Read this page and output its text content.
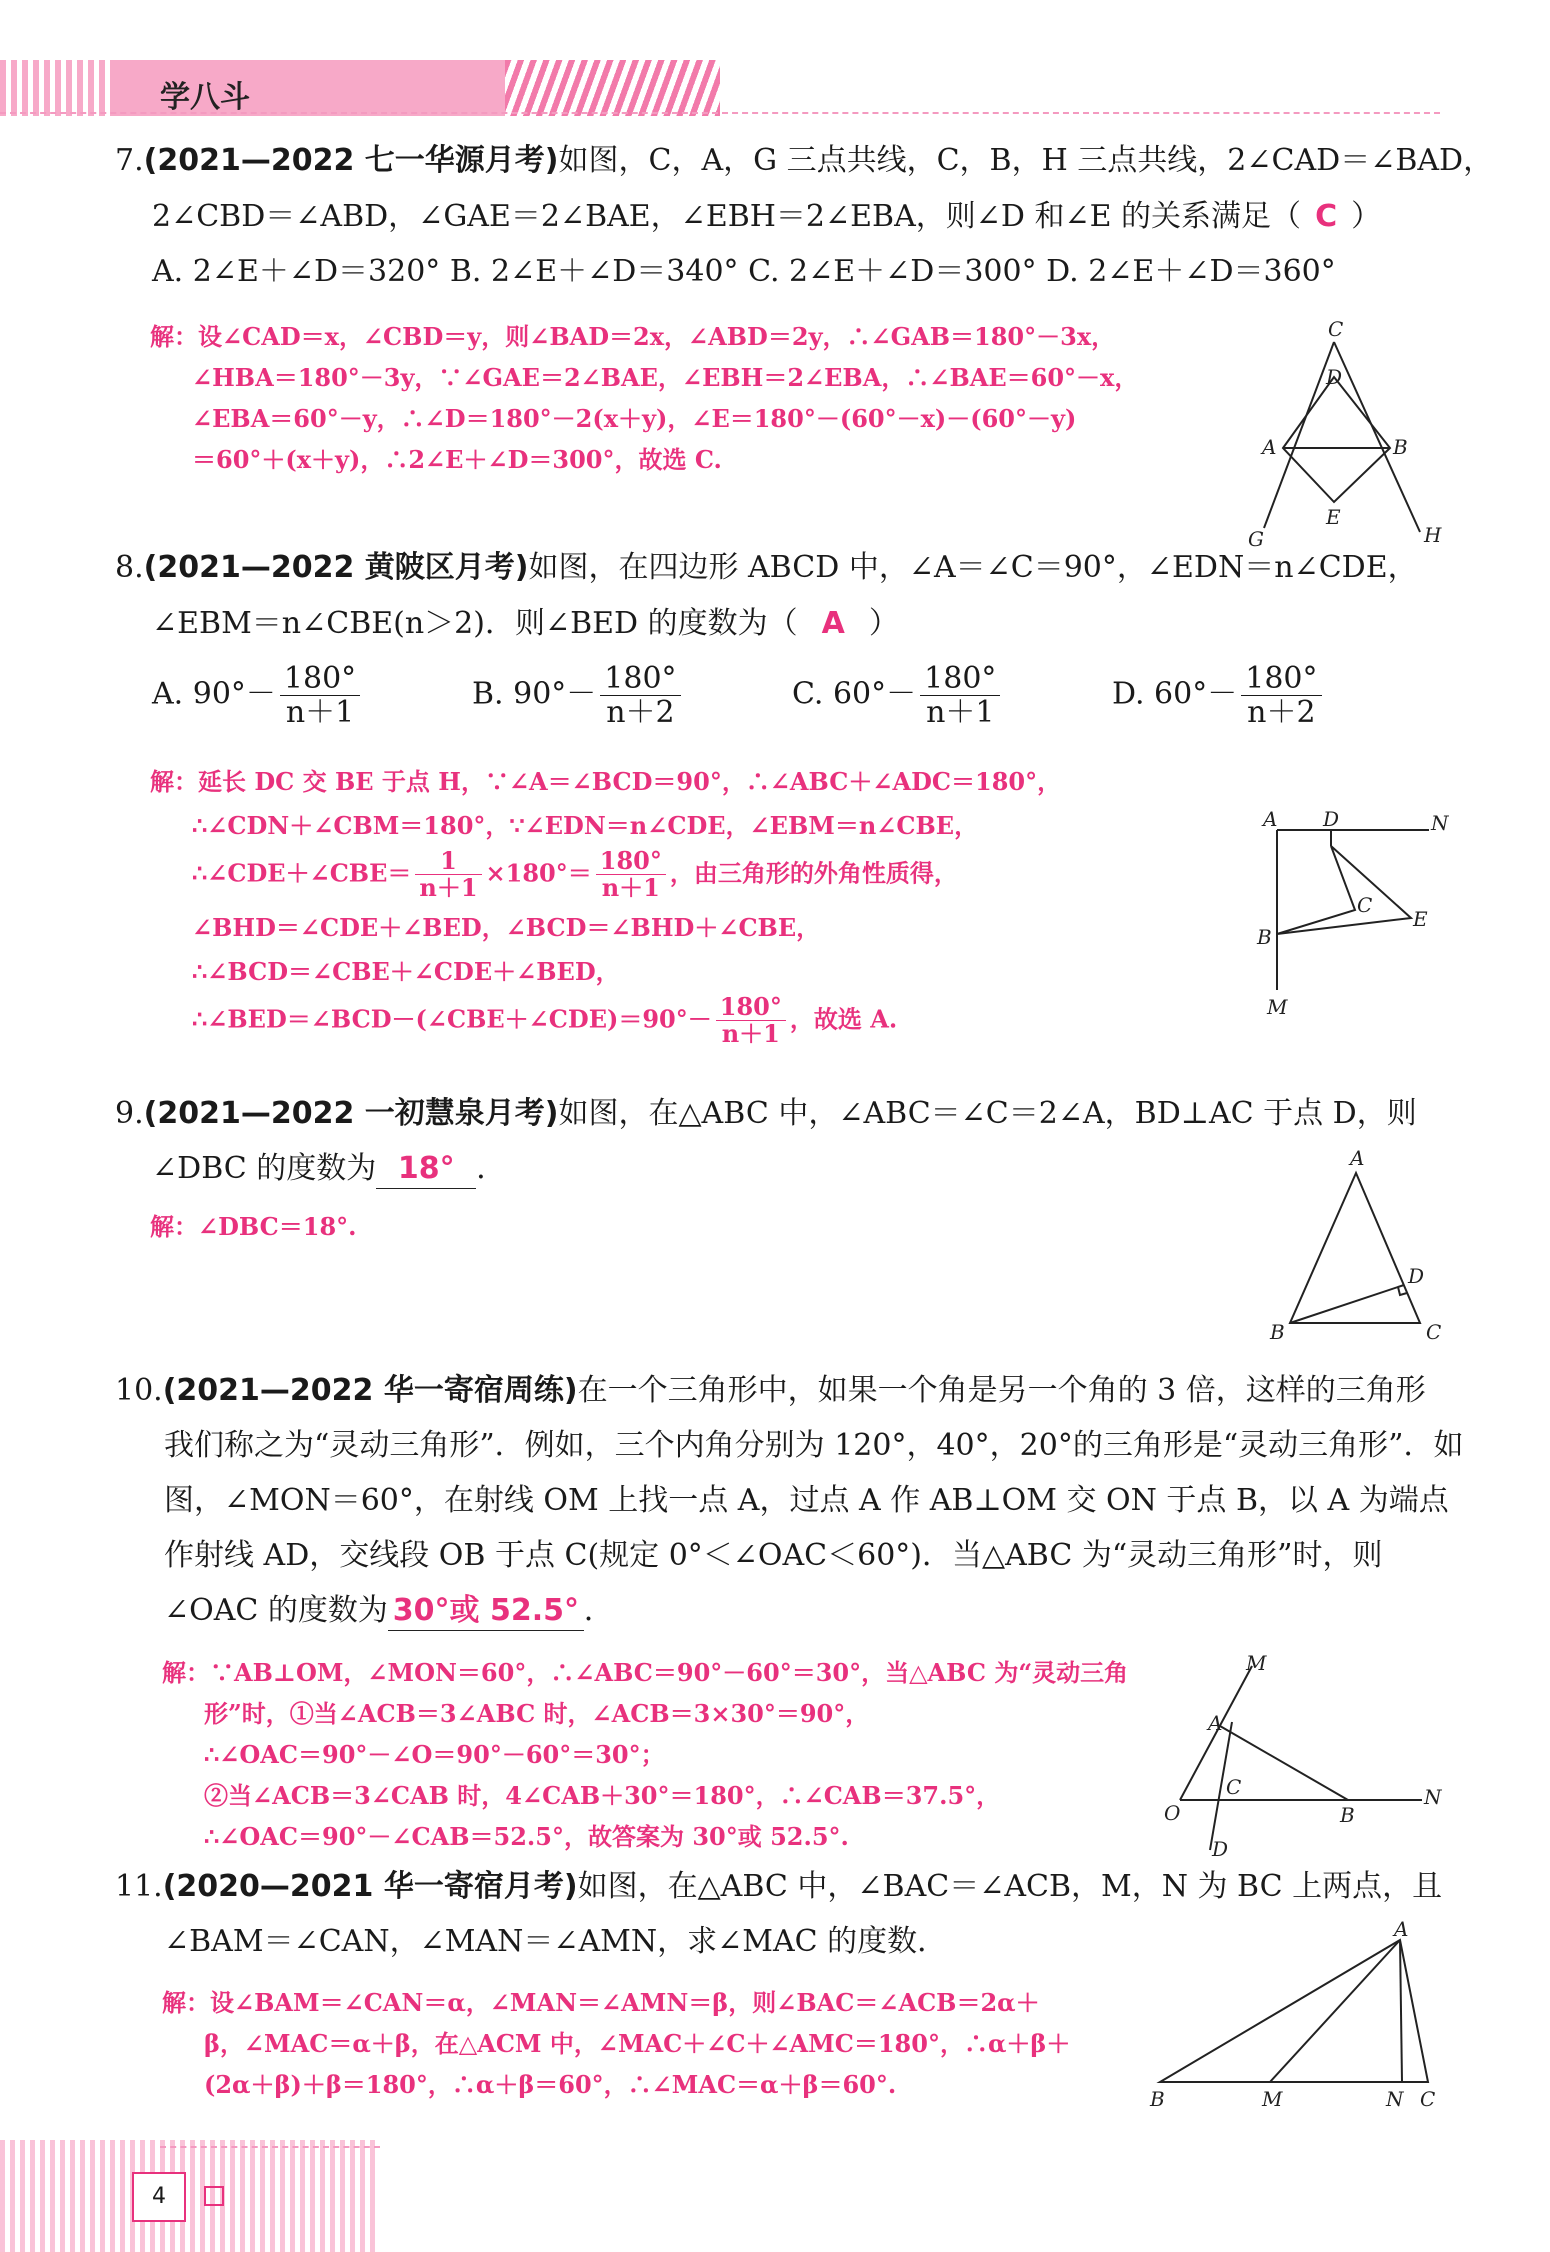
学八斗
7.(2021—2022 七一华源月考)如图，C，A，G 三点共线，C，B，H 三点共线，2∠CAD＝∠BAD，
2∠CBD＝∠ABD，∠GAE＝2∠BAE，∠EBH＝2∠EBA，则∠D 和∠E 的关系满足（ C ）
A. 2∠E＋∠D＝320° B. 2∠E＋∠D＝340° C. 2∠E＋∠D＝300° D. 2∠E＋∠D＝360°
解：设∠CAD＝x，∠CBD＝y，则∠BAD＝2x，∠ABD＝2y，∴∠GAB＝180°－3x，
∠HBA＝180°－3y，∵∠GAE＝2∠BAE，∠EBH＝2∠EBA，∴∠BAE＝60°－x，
∠EBA＝60°－y，∴∠D＝180°－2(x＋y)，∠E＝180°－(60°－x)－(60°－y)
＝60°＋(x＋y)，∴2∠E＋∠D＝300°，故选 C.
C
D
A	B
E
G	H
8.(2021—2022 黄陂区月考)如图，在四边形 ABCD 中，∠A＝∠C＝90°，∠EDN＝n∠CDE，
∠EBM＝n∠CBE(n＞2)．则∠BED 的度数为（ A ）
A. $90^\circ- \frac{180^\circ}{n+1}$	B. $90^\circ- \frac{180^\circ}{n+2}$	C. $60^\circ- \frac{180^\circ}{n+1}$	D. $60^\circ- \frac{180^\circ}{n+2}$
解：延长 DC 交 BE 于点 H，∵∠A＝∠BCD＝90°，∴∠ABC＋∠ADC＝180°，
∴∠CDN＋∠CBM＝180°，∵∠EDN＝n∠CDE，∠EBM＝n∠CBE，
∴∠CDE＋∠CBE＝ $\frac{1}{n+1} \times 180^\circ= \frac{180^\circ}{n+1}$ ，由三角形的外角性质得，
∠BHD＝∠CDE＋∠BED，∠BCD＝∠BHD＋∠CBE，
∴∠BCD＝∠CBE＋∠CDE＋∠BED，
∴∠BED＝∠BCD－(∠CBE＋∠CDE)＝90°－ $\frac{180^\circ}{n+1}$ ，故选 A.
A D	N
C
E
B
M
9.(2021—2022 一初慧泉月考)如图，在△ABC 中，∠ABC＝∠C＝2∠A，BD⊥AC 于点 D，则
∠DBC 的度数为 18° ．
解：∠DBC＝18°.
A
D
B	C
10.(2021—2022 华一寄宿周练)在一个三角形中，如果一个角是另一个角的 3 倍，这样的三角形
我们称之为“灵动三角形”．例如，三个内角分别为 120°，40°，20°的三角形是“灵动三角形”．如
图，∠MON＝60°，在射线 OM 上找一点 A，过点 A 作 AB⊥OM 交 ON 于点 B，以 A 为端点
作射线 AD，交线段 OB 于点 C(规定 0°＜∠OAC＜60°)．当△ABC 为“灵动三角形”时，则
∠OAC 的度数为 30°或 52.5° ．
解：∵AB⊥OM，∠MON＝60°，∴∠ABC＝90°－60°＝30°，当△ABC 为“灵动三角
形”时，①当∠ACB＝3∠ABC 时，∠ACB＝3×30°＝90°，
∴∠OAC＝90°－∠O＝90°－60°＝30°；
②当∠ACB＝3∠CAB 时，4∠CAB＋30°＝180°，∴∠CAB＝37.5°，
∴∠OAC＝90°－∠CAB＝52.5°，故答案为 30°或 52.5°.
M
A
C
O	B
N
D
11.(2020—2021 华一寄宿月考)如图，在△ABC 中，∠BAC＝∠ACB，M，N 为 BC 上两点，且
∠BAM＝∠CAN，∠MAN＝∠AMN，求∠MAC 的度数．
解：设∠BAM＝∠CAN＝α，∠MAN＝∠AMN＝β，则∠BAC＝∠ACB＝2α＋
β，∠MAC＝α＋β，在△ACM 中，∠MAC＋∠C＋∠AMC＝180°，∴α＋β＋
(2α＋β)＋β＝180°，∴α＋β＝60°，∴∠MAC＝α＋β＝60°.
A
B	M	N C
4
